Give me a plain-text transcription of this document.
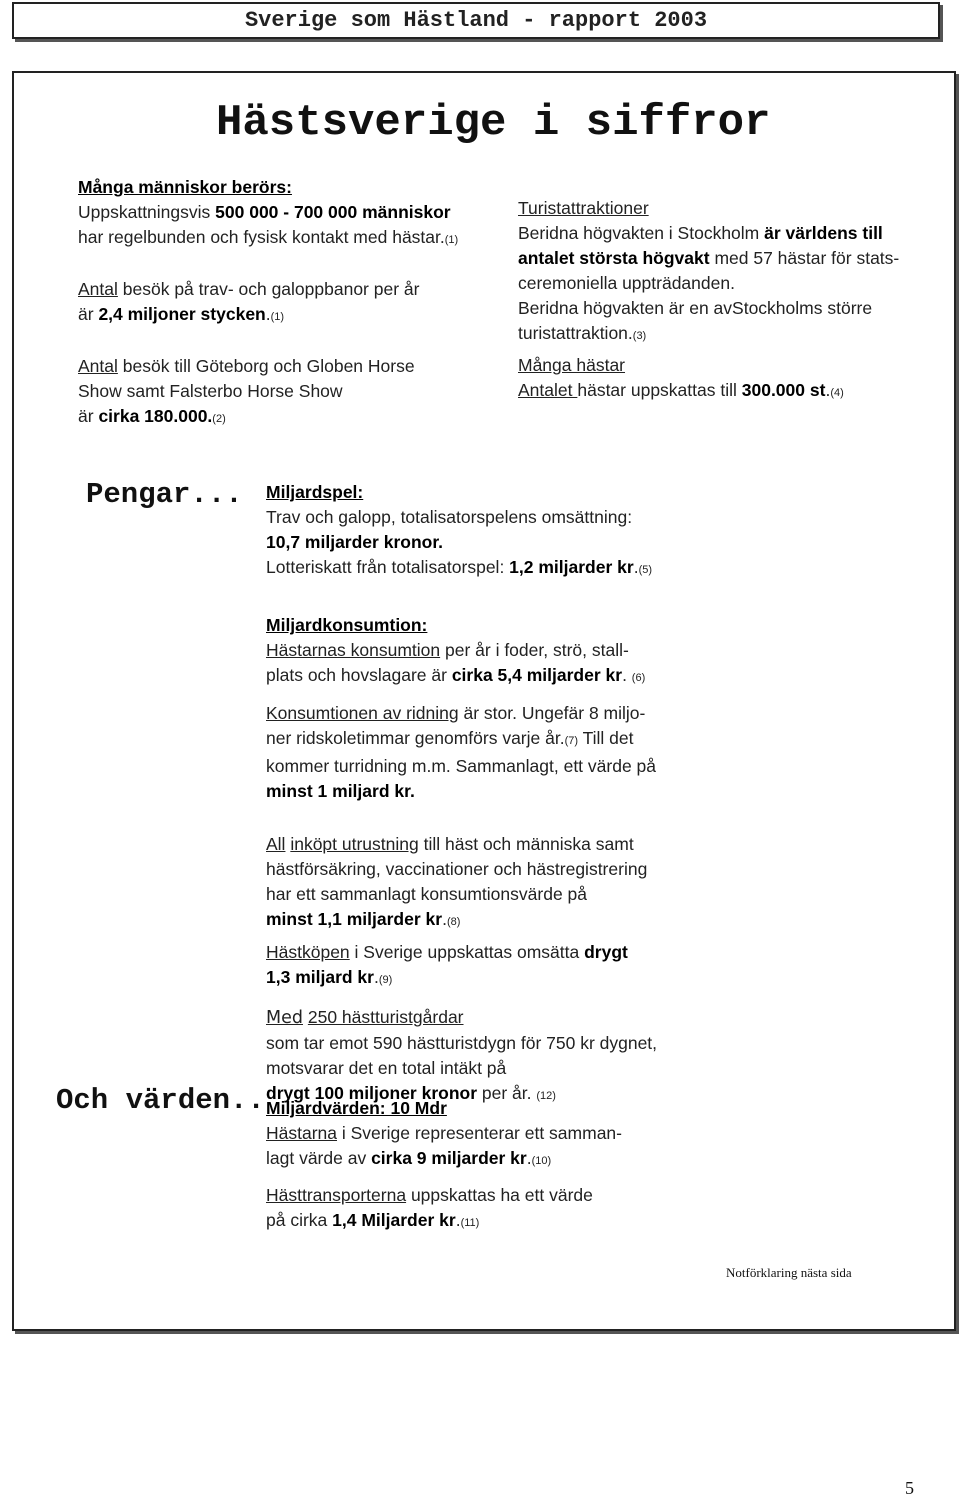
Sverige som Hästland - rapport 2003
Hästsverige i siffror

Många människor berörs:

Uppskattningsvis 500 000 - 700 000 människor

har regelbunden och fysisk kontakt med hästar.(1)

Antal besök på trav- och galoppbanor per år

är 2,4 miljoner stycken.(1)

Antal besök till Göteborg och Globen Horse

Show samt Falsterbo Horse Show

är cirka 180.000.(2)

Turistattraktioner

Beridna högvakten i Stockholm är världens till

antalet största högvakt med 57 hästar för stats-

ceremoniella uppträdanden.

Beridna högvakten är en avStockholms större

turistattraktion.(3)

Många hästar

Antalet hästar uppskattas till 300.000 st.(4)

Pengar... Miljardspel:

Trav och galopp, totalisatorspelens omsättning:

10,7 miljarder kronor.

Lotteriskatt från totalisatorspel: 1,2 miljarder kr.(5)

Miljardkonsumtion:

Hästarnas konsumtion per år i foder, strö, stall-

plats och hovslagare är cirka 5,4 miljarder kr. (6)

Konsumtionen av ridning är stor. Ungefär 8 miljo-

ner ridskoletimmar genomförs varje år.(7) Till det

kommer turridning m.m. Sammanlagt, ett värde på

minst 1 miljard kr.

All inköpt utrustning till häst och människa samt

hästförsäkring, vaccinationer och hästregistrering

har ett sammanlagt konsumtionsvärde på

minst 1,1 miljarder kr.(8)

Hästköpen i Sverige uppskattas omsätta drygt

1,3 miljard kr.(9)

Med 250 hästturistgårdar

som tar emot 590 hästturistdygn för 750 kr dygnet,

motsvarar det en total intäkt på

drygt 100 miljoner kronor per år. (12)

Och värden.. Miljardvärden: 10 Mdr

Hästarna i Sverige representerar ett samman-

lagt värde av cirka 9 miljarder kr.(10)

Hästtransporterna uppskattas ha ett värde

på cirka 1,4 Miljarder kr.(11)

Notförklaring nästa sida
5
